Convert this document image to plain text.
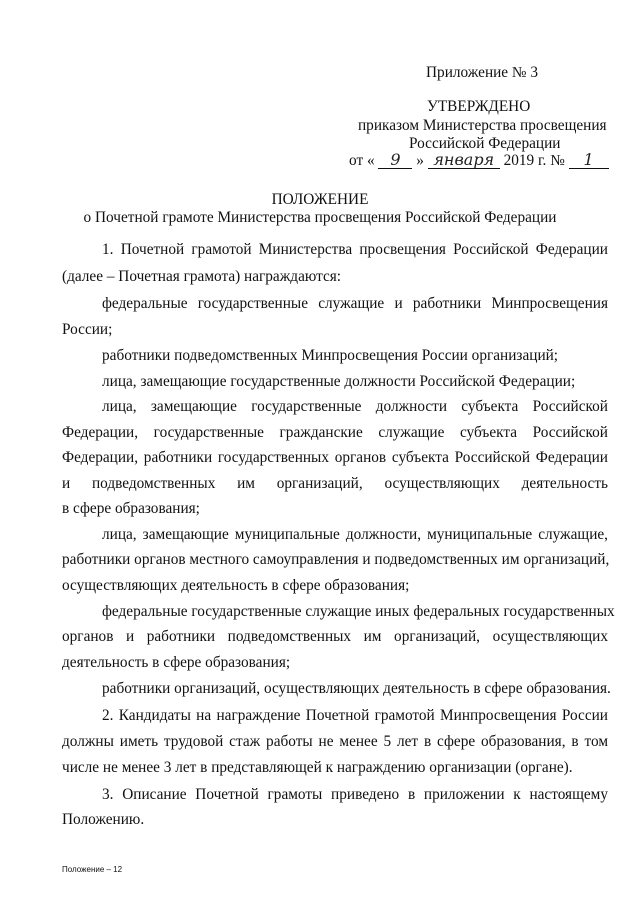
Приложение № 3
УТВЕРЖДЕНО
приказом Министерства просвещения
Российской Федерации
от « 9 » января 2019 г. № 1
ПОЛОЖЕНИЕ
о Почетной грамоте Министерства просвещения Российской Федерации
1. Почетной грамотой Министерства просвещения Российской Федерации
(далее – Почетная грамота) награждаются:
федеральные государственные служащие и работники Минпросвещения
России;
работники подведомственных Минпросвещения России организаций;
лица, замещающие государственные должности Российской Федерации;
лица, замещающие государственные должности субъекта Российской
Федерации, государственные гражданские служащие субъекта Российской
Федерации, работники государственных органов субъекта Российской Федерации
и подведомственных им организаций, осуществляющих деятельность
в сфере образования;
лица, замещающие муниципальные должности, муниципальные служащие,
работники органов местного самоуправления и подведомственных им организаций,
осуществляющих деятельность в сфере образования;
федеральные государственные служащие иных федеральных государственных
органов и работники подведомственных им организаций, осуществляющих
деятельность в сфере образования;
работники организаций, осуществляющих деятельность в сфере образования.
2. Кандидаты на награждение Почетной грамотой Минпросвещения России
должны иметь трудовой стаж работы не менее 5 лет в сфере образования, в том
числе не менее 3 лет в представляющей к награждению организации (органе).
3. Описание Почетной грамоты приведено в приложении к настоящему
Положению.
Положение – 12
